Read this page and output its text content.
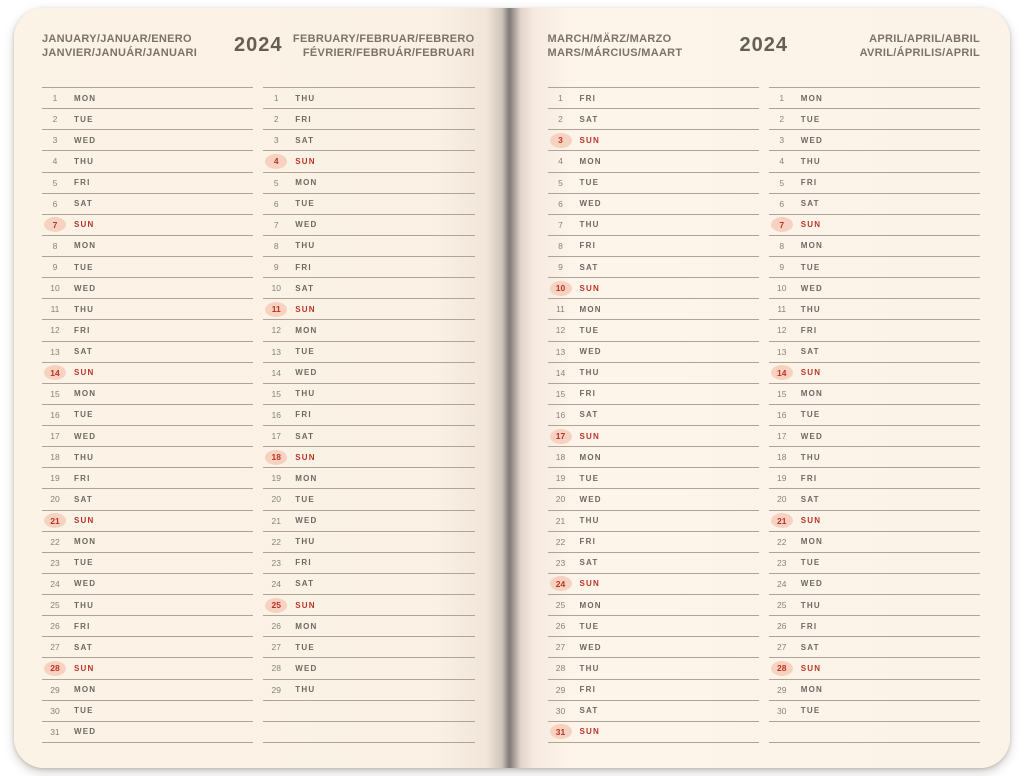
JANUARY/JANUAR/ENERO
JANVIER/JANUÁR/JANUARI	2024 FEBRUARY/FEBRUAR/FEBRERO
FÉVRIER/FEBRUÁR/FEBRUARI
1	MON
2	TUE
3	WED
4	THU
5	FRI
6	SAT
7	SUN
8	MON
9	TUE
10	WED
11	THU
12	FRI
13	SAT
14	SUN
15	MON
16	TUE
17	WED
18	THU
19	FRI
20	SAT
21	SUN
22	MON
23	TUE
24	WED
25	THU
26	FRI
27	SAT
28	SUN
29	MON
30	TUE
31	WED
1	THU
2	FRI
3	SAT
4	SUN
5	MON
6	TUE
7	WED
8	THU
9	FRI
10	SAT
11	SUN
12	MON
13	TUE
14	WED
15	THU
16	FRI
17	SAT
18	SUN
19	MON
20	TUE
21	WED
22	THU
23	FRI
24	SAT
25	SUN
26	MON
27	TUE
28	WED
29	THU
MARCH/MÄRZ/MARZO
MARS/MÁRCIUS/MAART	2024	APRIL/APRIL/ABRIL
AVRIL/ÁPRILIS/APRIL
1	FRI
2	SAT
3	SUN
4	MON
5	TUE
6	WED
7	THU
8	FRI
9	SAT
10	SUN
11	MON
12	TUE
13	WED
14	THU
15	FRI
16	SAT
17	SUN
18	MON
19	TUE
20	WED
21	THU
22	FRI
23	SAT
24	SUN
25	MON
26	TUE
27	WED
28	THU
29	FRI
30	SAT
31	SUN
1	MON
2	TUE
3	WED
4	THU
5	FRI
6	SAT
7	SUN
8	MON
9	TUE
10	WED
11	THU
12	FRI
13	SAT
14	SUN
15	MON
16	TUE
17	WED
18	THU
19	FRI
20	SAT
21	SUN
22	MON
23	TUE
24	WED
25	THU
26	FRI
27	SAT
28	SUN
29	MON
30	TUE
